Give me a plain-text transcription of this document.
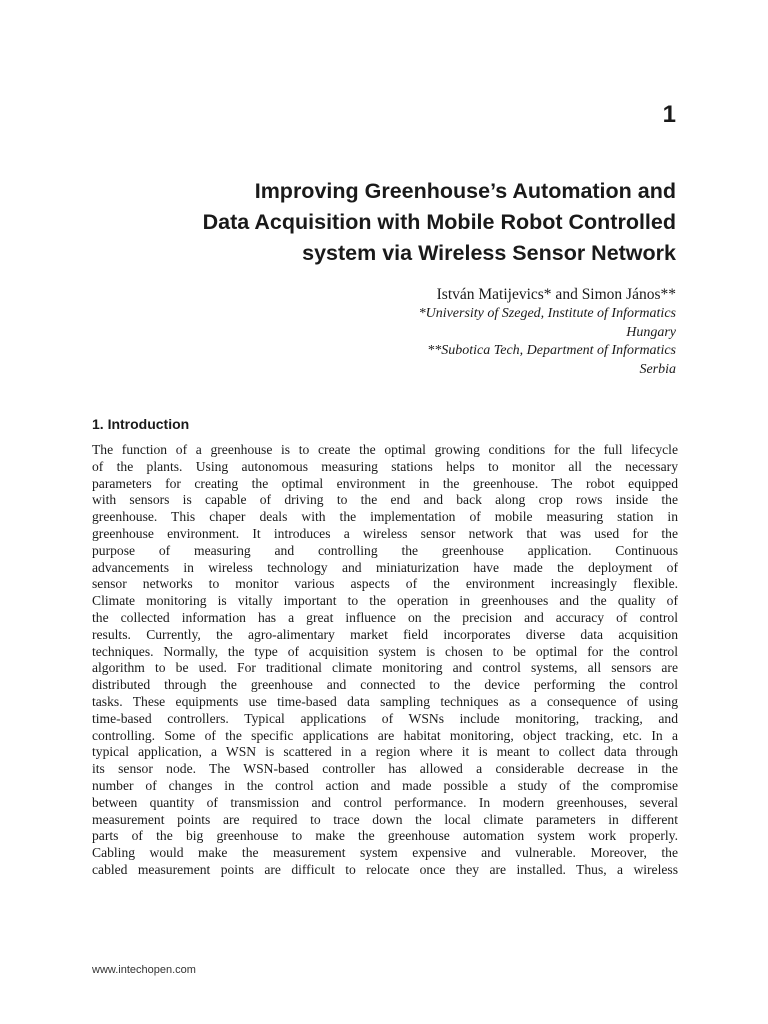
1
Improving Greenhouse’s Automation and
Data Acquisition with Mobile Robot Controlled
system via Wireless Sensor Network
István Matijevics* and Simon János**
*University of Szeged, Institute of Informatics
Hungary
**Subotica Tech, Department of Informatics
Serbia
1. Introduction

The function of a greenhouse is to create the optimal growing conditions for the full lifecycle
of the plants. Using autonomous measuring stations helps to monitor all the necessary
parameters for creating the optimal environment in the greenhouse. The robot equipped
with sensors is capable of driving to the end and back along crop rows inside the
greenhouse. This chaper deals with the implementation of mobile measuring station in
greenhouse environment. It introduces a wireless sensor network that was used for the
purpose of measuring and controlling the greenhouse application. Continuous
advancements in wireless technology and miniaturization have made the deployment of
sensor networks to monitor various aspects of the environment increasingly flexible.
Climate monitoring is vitally important to the operation in greenhouses and the quality of
the collected information has a great influence on the precision and accuracy of control
results. Currently, the agro-alimentary market field incorporates diverse data acquisition
techniques. Normally, the type of acquisition system is chosen to be optimal for the control
algorithm to be used. For traditional climate monitoring and control systems, all sensors are
distributed through the greenhouse and connected to the device performing the control
tasks. These equipments use time-based data sampling techniques as a consequence of using
time-based controllers. Typical applications of WSNs include monitoring, tracking, and
controlling. Some of the specific applications are habitat monitoring, object tracking, etc. In a
typical application, a WSN is scattered in a region where it is meant to collect data through
its sensor node. The WSN-based controller has allowed a considerable decrease in the
number of changes in the control action and made possible a study of the compromise
between quantity of transmission and control performance. In modern greenhouses, several
measurement points are required to trace down the local climate parameters in different
parts of the big greenhouse to make the greenhouse automation system work properly.
Cabling would make the measurement system expensive and vulnerable. Moreover, the
cabled measurement points are difficult to relocate once they are installed. Thus, a wireless

www.intechopen.com
